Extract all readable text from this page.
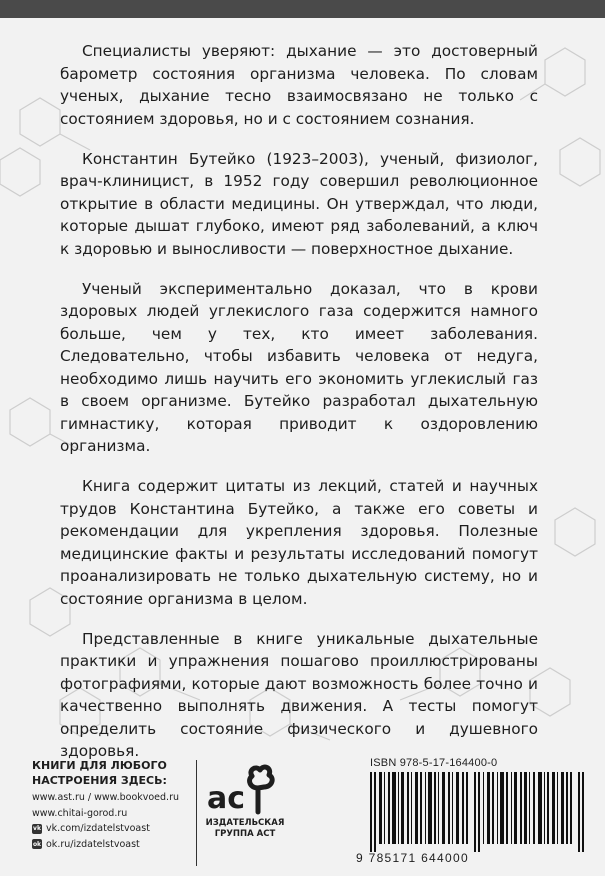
Специалисты уверяют: дыхание — это достоверный барометр состояния организма человека. По словам ученых, дыхание тесно взаимосвязано не только с состоянием здоровья, но и с состоянием сознания.

Константин Бутейко (1923–2003), ученый, физиолог, врач-клиницист, в 1952 году совершил революционное открытие в области медицины. Он утверждал, что люди, которые дышат глубоко, имеют ряд заболеваний, а ключ к здоровью и выносливости — поверхностное дыхание.

Ученый экспериментально доказал, что в крови здоровых людей углекислого газа содержится намного больше, чем у тех, кто имеет заболевания. Следовательно, чтобы избавить человека от недуга, необходимо лишь научить его экономить углекислый газ в своем организме. Бутейко разработал дыхательную гимнастику, которая приводит к оздоровлению организма.

Книга содержит цитаты из лекций, статей и научных трудов Константина Бутейко, а также его советы и рекомендации для укрепления здоровья. Полезные медицинские факты и результаты исследований помогут проанализировать не только дыхательную систему, но и состояние организма в целом.

Представленные в книге уникальные дыхательные практики и упражнения пошагово проиллюстрированы фотографиями, которые дают возможность более точно и качественно выполнять движения. А тесты помогут определить состояние физического и душевного здоровья.

КНИГИ ДЛЯ ЛЮБОГО
НАСТРОЕНИЯ ЗДЕСЬ:
www.ast.ru / www.bookvoed.ru
www.chitai-gorod.ru
vk vk.com/izdatelstvoast
ok ok.ru/izdatelstvoast
ac
ИЗДАТЕЛЬСКАЯ
ГРУППА АСТ
ISBN 978-5-17-164400-0
9 785171 644000
